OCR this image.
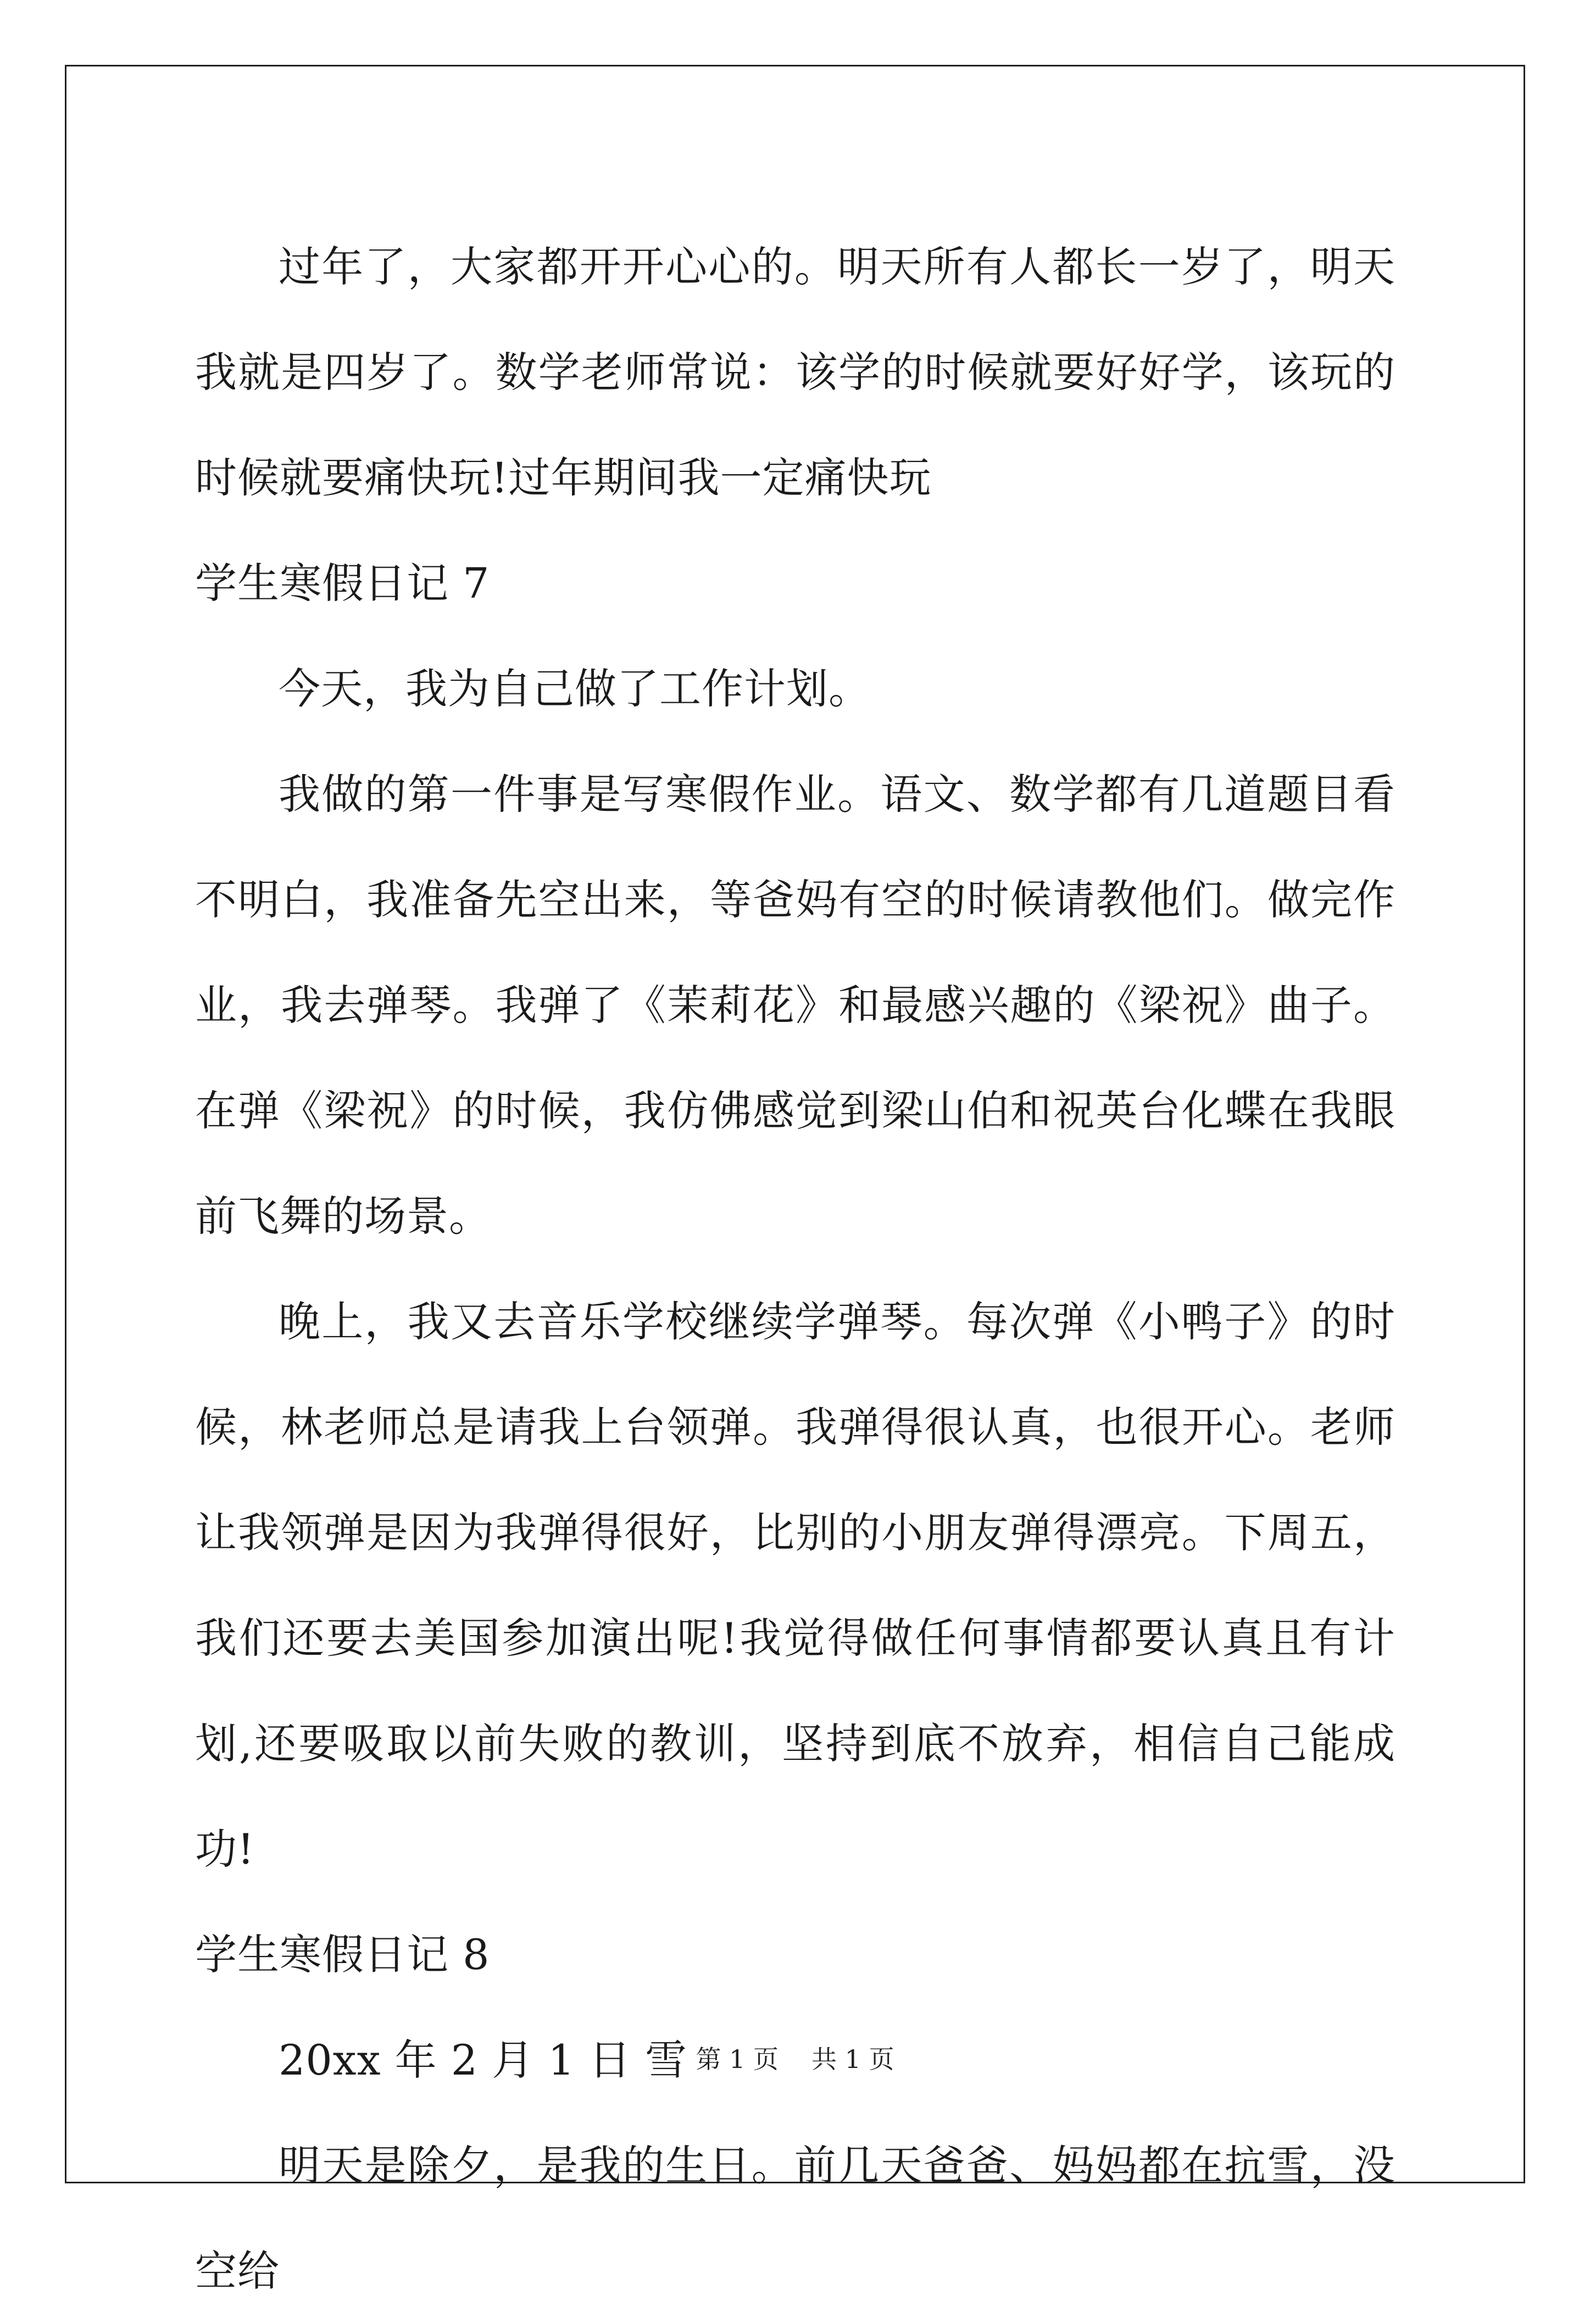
过年了，大家都开开心心的。明天所有人都长一岁了，明天我就是四岁了。数学老师常说：该学的时候就要好好学，该玩的时候就要痛快玩!过年期间我一定痛快玩

学生寒假日记 7

今天，我为自己做了工作计划。

我做的第一件事是写寒假作业。语文、数学都有几道题目看不明白，我准备先空出来，等爸妈有空的时候请教他们。做完作业，我去弹琴。我弹了《茉莉花》和最感兴趣的《梁祝》曲子。在弹《梁祝》的时候，我仿佛感觉到梁山伯和祝英台化蝶在我眼前飞舞的场景。

晚上，我又去音乐学校继续学弹琴。每次弹《小鸭子》的时候，林老师总是请我上台领弹。我弹得很认真，也很开心。老师让我领弹是因为我弹得很好，比别的小朋友弹得漂亮。下周五，我们还要去美国参加演出呢!我觉得做任何事情都要认真且有计划,还要吸取以前失败的教训，坚持到底不放弃，相信自己能成功!

学生寒假日记 8

20xx 年 2 月 1 日 雪

明天是除夕，是我的生日。前几天爸爸、妈妈都在抗雪，没空给

第 1 页 共 1 页
